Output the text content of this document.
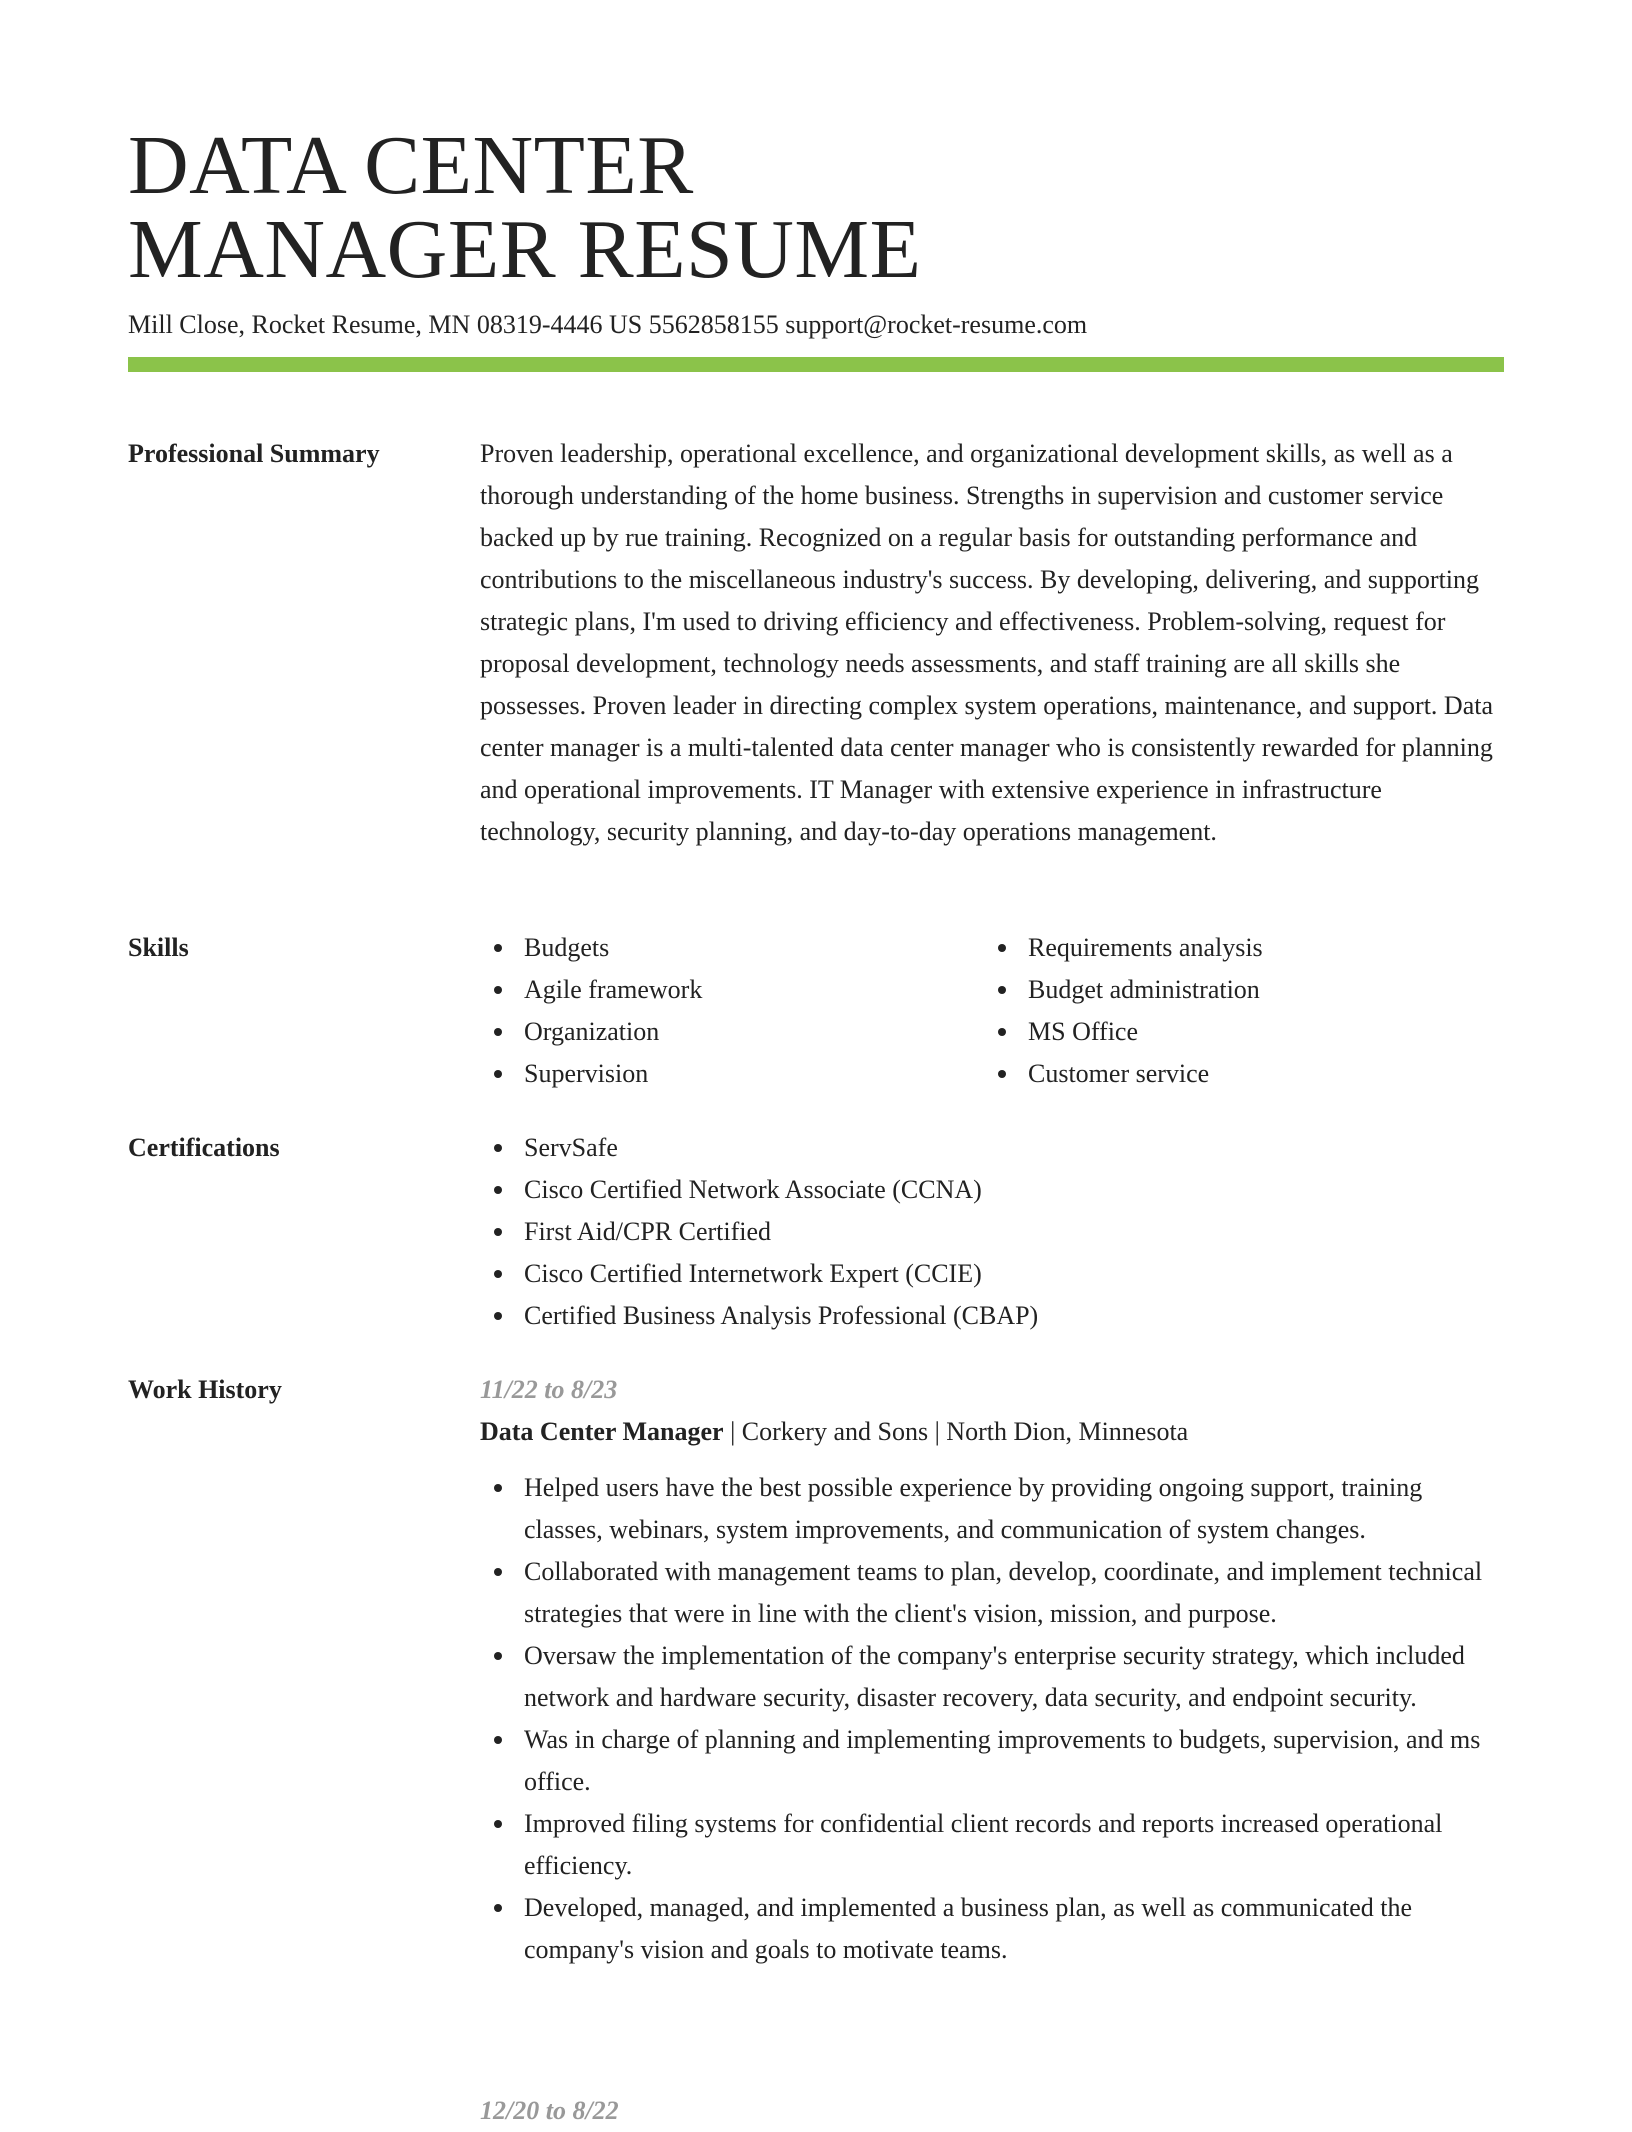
DATA CENTER
MANAGER RESUME
Mill Close, Rocket Resume, MN 08319-4446 US 5562858155 support@rocket-resume.com
Professional Summary	Proven leadership, operational excellence, and organizational development skills, as well as a thorough understanding of the home business. Strengths in supervision and customer service backed up by rue training. Recognized on a regular basis for outstanding performance and contributions to the miscellaneous industry's success. By developing, delivering, and supporting strategic plans, I'm used to driving efficiency and effectiveness. Problem-solving, request for proposal development, technology needs assessments, and staff training are all skills she possesses. Proven leader in directing complex system operations, maintenance, and support. Data center manager is a multi-talented data center manager who is consistently rewarded for planning and operational improvements. IT Manager with extensive experience in infrastructure technology, security planning, and day-to-day operations management.

Skills	Budgets
Agile framework
Organization
Supervision
Requirements analysis
Budget administration
MS Office
Customer service
Certifications	ServSafe
Cisco Certified Network Associate (CCNA)
First Aid/CPR Certified
Cisco Certified Internetwork Expert (CCIE)
Certified Business Analysis Professional (CBAP)
Work History	11/22 to 8/23
Data Center Manager | Corkery and Sons | North Dion, Minnesota
Helped users have the best possible experience by providing ongoing support, training classes, webinars, system improvements, and communication of system changes.
Collaborated with management teams to plan, develop, coordinate, and implement technical strategies that were in line with the client's vision, mission, and purpose.
Oversaw the implementation of the company's enterprise security strategy, which included network and hardware security, disaster recovery, data security, and endpoint security.
Was in charge of planning and implementing improvements to budgets, supervision, and ms office.
Improved filing systems for confidential client records and reports increased operational efficiency.
Developed, managed, and implemented a business plan, as well as communicated the company's vision and goals to motivate teams.
12/20 to 8/22
